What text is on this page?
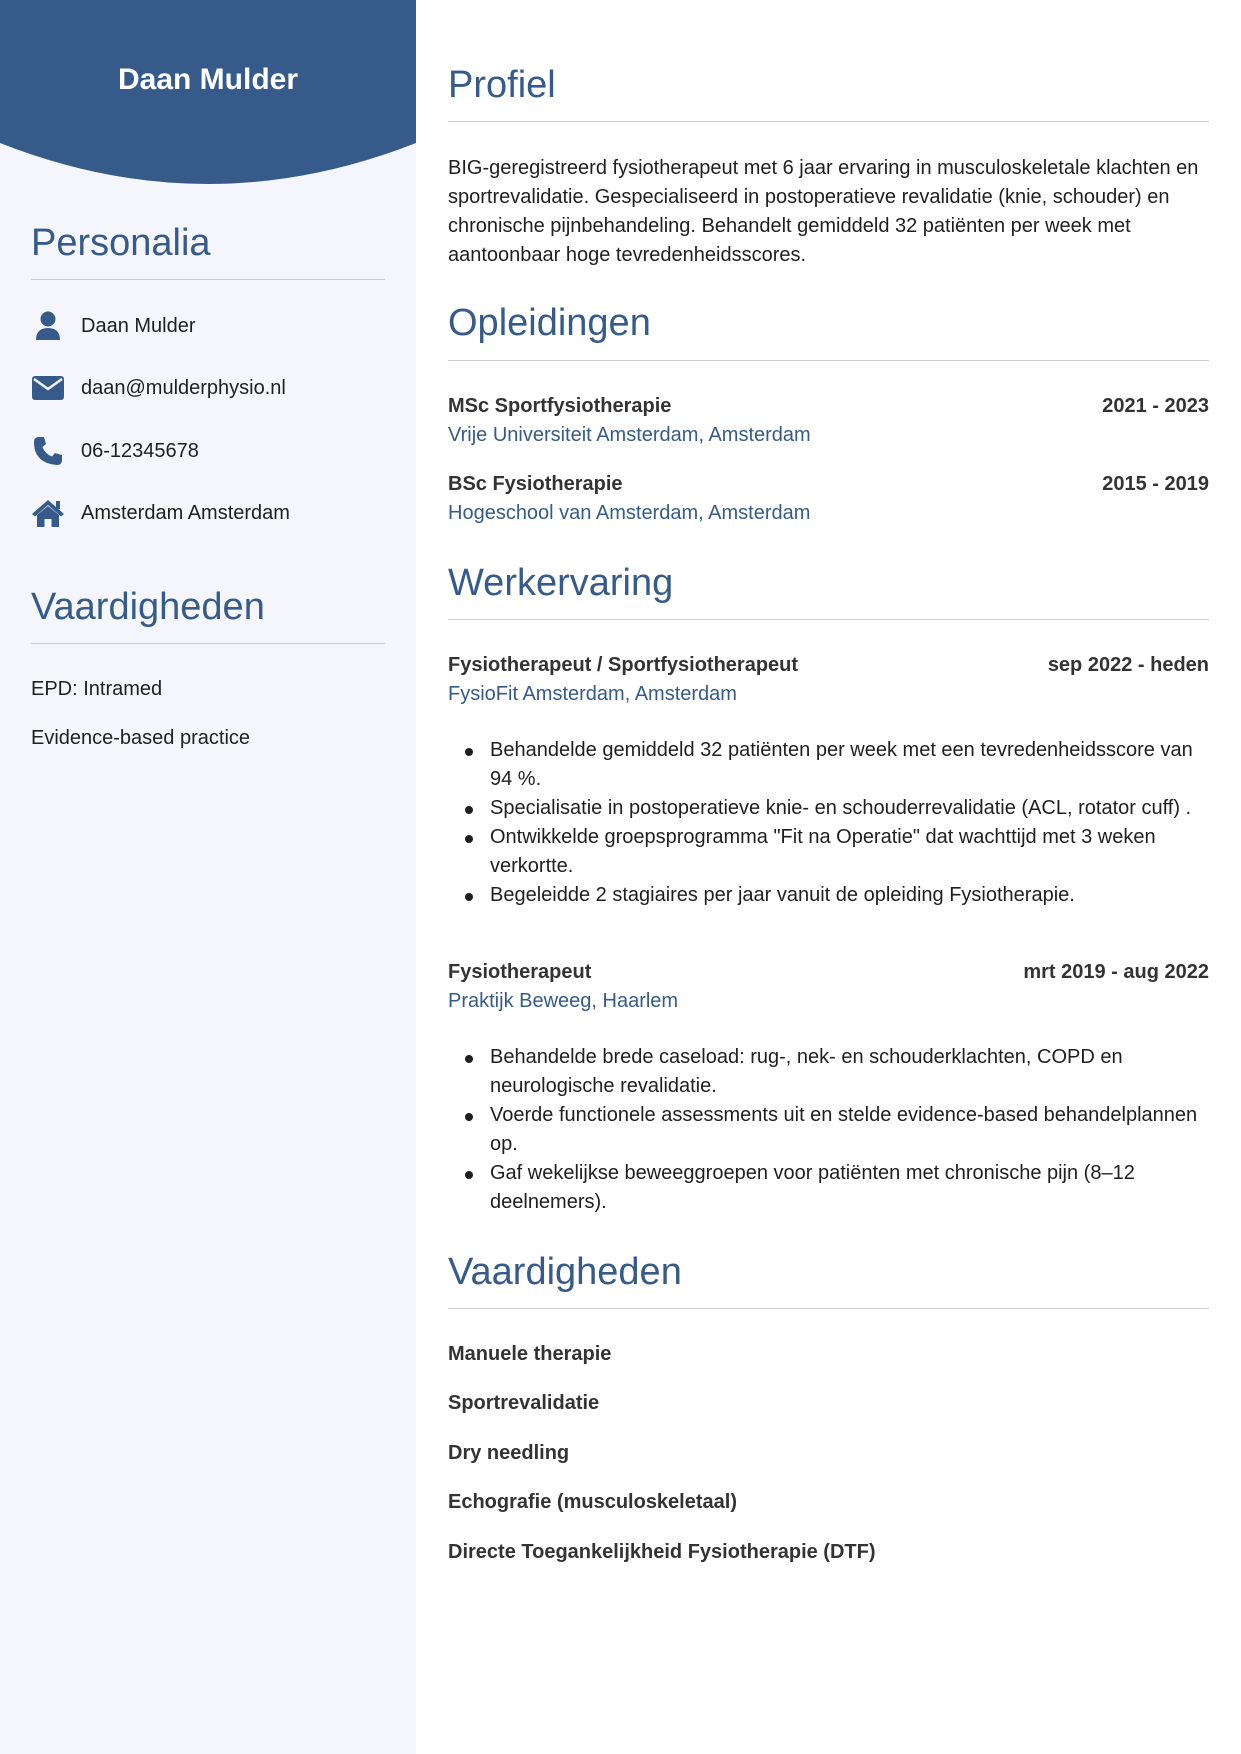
Daan Mulder
Personalia
Daan Mulder
daan@mulderphysio.nl
06-12345678
Amsterdam Amsterdam
Vaardigheden
EPD: Intramed
Evidence-based practice
Profiel
BIG-geregistreerd fysiotherapeut met 6 jaar ervaring in musculoskeletale klachten en sportrevalidatie. Gespecialiseerd in postoperatieve revalidatie (knie, schouder) en chronische pijnbehandeling. Behandelt gemiddeld 32 patiënten per week met aantoonbaar hoge tevredenheidsscores.
Opleidingen
MSc Sportfysiotherapie	2021 - 2023
Vrije Universiteit Amsterdam, Amsterdam
BSc Fysiotherapie	2015 - 2019
Hogeschool van Amsterdam, Amsterdam
Werkervaring
Fysiotherapeut / Sportfysiotherapeut	sep 2022 - heden
FysioFit Amsterdam, Amsterdam
Behandelde gemiddeld 32 patiënten per week met een tevredenheidsscore van 94 %.
Specialisatie in postoperatieve knie- en schouderrevalidatie (ACL, rotator cuff) .
Ontwikkelde groepsprogramma "Fit na Operatie" dat wachttijd met 3 weken verkortte.
Begeleidde 2 stagiaires per jaar vanuit de opleiding Fysiotherapie.
Fysiotherapeut	mrt 2019 - aug 2022
Praktijk Beweeg, Haarlem
Behandelde brede caseload: rug-, nek- en schouderklachten, COPD en neurologische revalidatie.
Voerde functionele assessments uit en stelde evidence-based behandelplannen op.
Gaf wekelijkse beweeggroepen voor patiënten met chronische pijn (8–12 deelnemers).
Vaardigheden
Manuele therapie
Sportrevalidatie
Dry needling
Echografie (musculoskeletaal)
Directe Toegankelijkheid Fysiotherapie (DTF)
